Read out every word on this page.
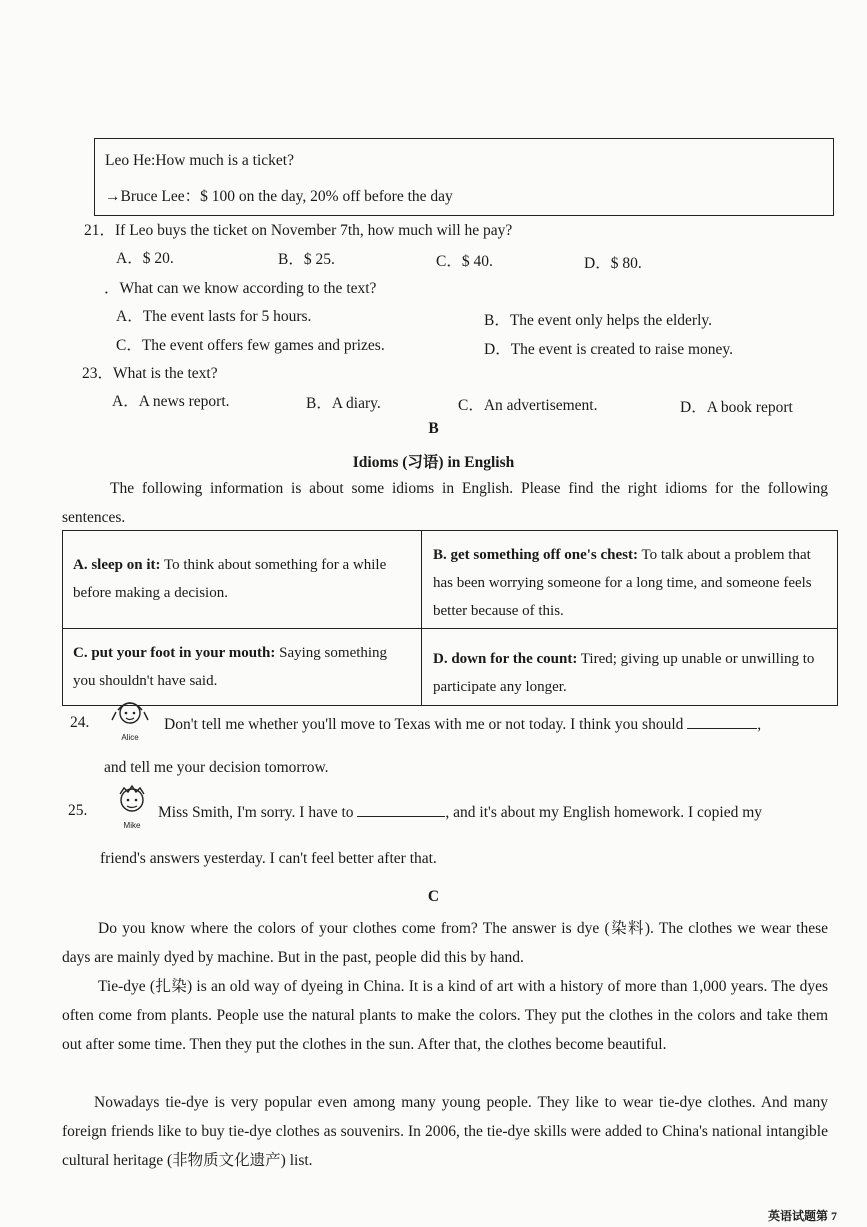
Leo He:How much is a ticket?
→Bruce Lee：$ 100 on the day, 20% off before the day
21．If Leo buys the ticket on November 7th, how much will he pay?
A．$ 20.	B．$ 25.	C．$ 40.	D．$ 80.
．What can we know according to the text?
A．The event lasts for 5 hours.	B．The event only helps the elderly.
C．The event offers few games and prizes.	D．The event is created to raise money.
23．What is the text?
A．A news report.	B．A diary.	C．An advertisement.	D．A book report
B
Idioms (习语) in English
The following information is about some idioms in English. Please find the right idioms for the following sentences.
A. sleep on it: To think about something for a while before making a decision.
B. get something off one's chest: To talk about a problem that has been worrying someone for a long time, and someone feels better because of this.
C. put your foot in your mouth: Saying something you shouldn't have said.
D. down for the count: Tired; giving up unable or unwilling to participate any longer.
24.
Alice
Don't tell me whether you'll move to Texas with me or not today. I think you should	,
and tell me your decision tomorrow.
25.
Mike
Miss Smith, I'm sorry. I have to	, and it's about my English homework. I copied my
friend's answers yesterday. I can't feel better after that.
C
Do you know where the colors of your clothes come from? The answer is dye (染料). The clothes we wear these days are mainly dyed by machine. But in the past, people did this by hand.
Tie-dye (扎染) is an old way of dyeing in China. It is a kind of art with a history of more than 1,000 years. The dyes often come from plants. People use the natural plants to make the colors. They put the clothes in the colors and take them out after some time. Then they put the clothes in the sun. After that, the clothes become beautiful.
Nowadays tie-dye is very popular even among many young people. They like to wear tie-dye clothes. And many foreign friends like to buy tie-dye clothes as souvenirs. In 2006, the tie-dye skills were added to China's national intangible cultural heritage (非物质文化遗产) list.
英语试题第 7
